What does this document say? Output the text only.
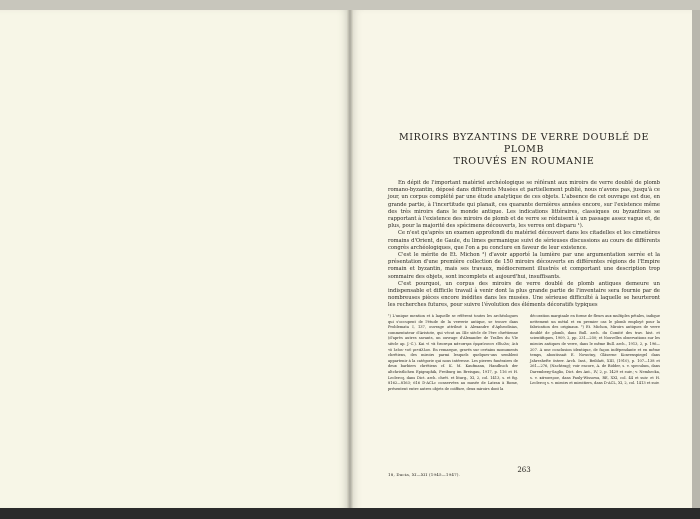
MIROIRS BYZANTINS DE VERRE DOUBLÉ DE PLOMB
TROUVÉS EN ROUMANIE

En dépit de l'important matériel archéologique se référant aux miroirs de verre doublé de plomb romano-byzantin, déposé dans différents Musées et partiellement publié, nous n'avons pas, jusqu'à ce jour, un corpus complété par une étude analytique de ces objets. L'absence de cet ouvrage est due, en grande partie, à l'incertitude qui planait, ces quarante dernières années encore, sur l'existence même des très miroirs dans le monde antique. Les indications littéraires, classiques ou byzantines se rapportant à l'existence des miroirs de plomb et de verre se réduisent à un passage assez vague et, de plus, pour la majorité des spécimens découverts, les verres ont disparu ¹).

Ce n'est qu'après un examen approfondi du matériel découvert dans les citadelles et les cimetières romains d'Orient, de Gaule, du limes germanique suivi de sérieuses discussions au cours de différents congrès archéologiques, que l'on a pu conclure en faveur de leur existence.

C'est le mérite de Et. Michon ²) d'avoir apporté la lumière par une argumentation serrée et la présentation d'une première collection de 150 miroirs découverts en différentes régions de l'Empire romain et byzantin, mais ses travaux, médiocrement illustrés et comportant une description trop sommaire des objets, sont incomplets et aujourd'hui, insuffisants.

C'est pourquoi, un corpus des miroirs de verre doublé de plomb antiques demeure un indispensable et difficile travail à venir dont la plus grande partie de l'inventaire sera fournie par de nombreuses pièces encore inédites dans les musées. Une sérieuse difficulté à laquelle se heurteront les recherches futures, pour suivre l'évolution des éléments décoratifs typiques

¹) L'unique mention et à laquelle se réfèrent toutes les archéologues qui s'occupent de l'étude de la verrerie antique, se trouve dans Problemata I, 137, ouvrage attribué à Alexandre d'Aphrodisias, commentateur d'Aristote, qui vécut au IIIe siècle de l'ère chrétienne (d'après autres savants, un ouvrage d'Alexandre de Tralles du VIe siècle ap. J.-C.). Kai τί τὰ ἔσοπτρα κάτοπτρα ἐμφαίνουσι εἴδωλα; Διὰ τὸ λεῖον τοῦ μετάλλου. En remarque, gravés sur certains monuments chrétiens, des miroirs parmi lesquels quelques-uns semblent appartenir à la catégorie qui nous intéresse. Les pierres funéraires de deux barbiers chrétiens cf. K. M. Kaufmann, Handbuch der altchristlichen Epigraphik, Freiburg im Breisgau, 1917, p. 116 et H. Leclercq, dans Dict. arch. chrét. et liturg., XI, 2, col. 1413, s. et fig. 8162—8163; 616 D-ACLc conservées au musée de Latran à Rome, présentent entre autres objets de coiffure, deux miroirs dont la
décoration marginale en forme de fleurs aux multiples pétales, indique nettement un métal et en premier cas le plomb employé pour la fabrication des originaux. ²) Et. Michon, Miroirs antiques de verre doublé de plomb, dans Bull. arch. du Comité des trav. hist. et scientifiques, 1909, 2, pp. 231—250; et Nouvelles observations sur les miroirs antiques de verre, dans le même Bull. arch., 1913, 2, p. 196—207. A une conclusion identique, de façon indépendante et en même temps, aboutissait E. Nowotny, Gläserne Konvexspiegel dans Jahreshefte österr. Arch. Inst., Beiblatt, XIII, (1910), p. 107—138 et 261—276, (Nachtrag); voir encore, A. de Ridder, s. v. speculum, dans Daremberg-Saglio, Dict. des Ant., IV, 2, p. 1429 et suiv.; v. Nemhecka, s. v. κάτοπτρον, dans Pauly-Wissowa, RE, XXI, col. 44 et suiv. et H. Leclercq s. v. miroirs et miroitiers, dans D-ACL, XI, 2, col. 1413 et suiv.
263
18, Dacia, XI—XII (1945—1947).
